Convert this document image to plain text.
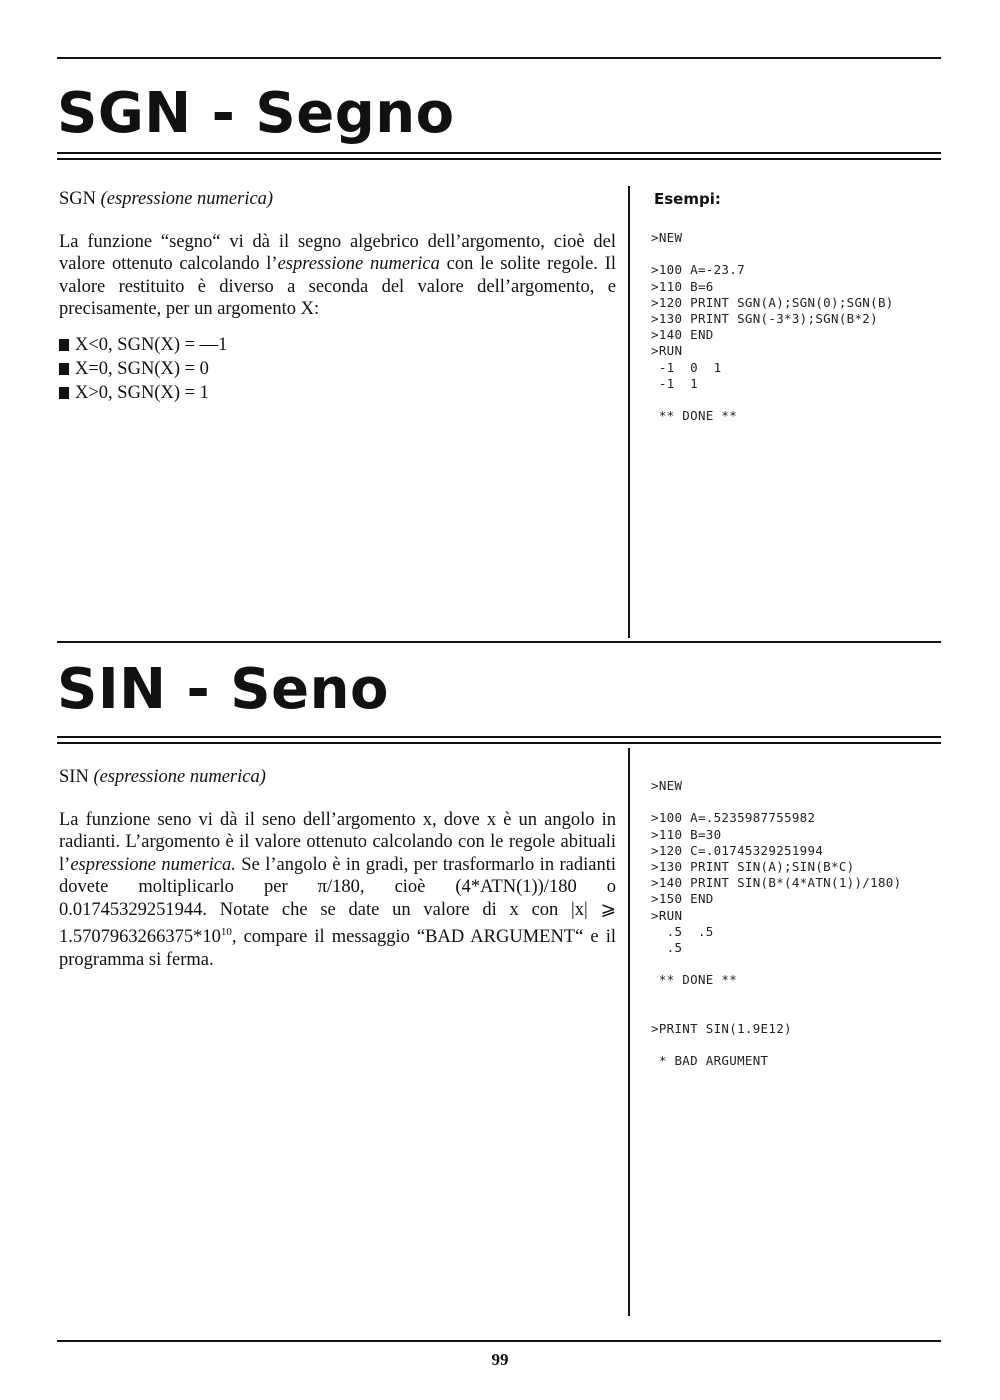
SGN - Segno

SGN (espressione numerica)

La funzione “segno“ vi dà il segno algebrico dell’argomento, cioè del valore ottenuto calcolando l’espressione numerica con le solite regole. Il valore restituito è diverso a seconda del valore dell’argomento, e precisamente, per un argomento X:

X<0, SGN(X) = —1
X=0, SGN(X) = 0
X>0, SGN(X) = 1
Esempi:
>NEW

>100 A=-23.7
>110 B=6
>120 PRINT SGN(A);SGN(0);SGN(B)
>130 PRINT SGN(-3*3);SGN(B*2)
>140 END
>RUN
-1  0  1
-1  1

** DONE **
SIN - Seno

SIN (espressione numerica)

La funzione seno vi dà il seno dell’argomento x, dove x è un angolo in radianti. L’argomento è il valore ottenuto calcolando con le regole abituali l’espressione numerica. Se l’angolo è in gradi, per trasformarlo in radianti dovete moltiplicarlo per π/180, cioè (4*ATN(1))/180 o 0.01745329251944. Notate che se date un valore di x con |x| ⩾ $1.5707963266375*10^{10}$, compare il messaggio “BAD ARGUMENT“ e il programma si ferma.

>NEW

>100 A=.5235987755982
>110 B=30
>120 C=.01745329251994
>130 PRINT SIN(A);SIN(B*C)
>140 PRINT SIN(B*(4*ATN(1))/180)
>150 END
>RUN
.5  .5
.5

** DONE **

>PRINT SIN(1.9E12)

* BAD ARGUMENT
99
